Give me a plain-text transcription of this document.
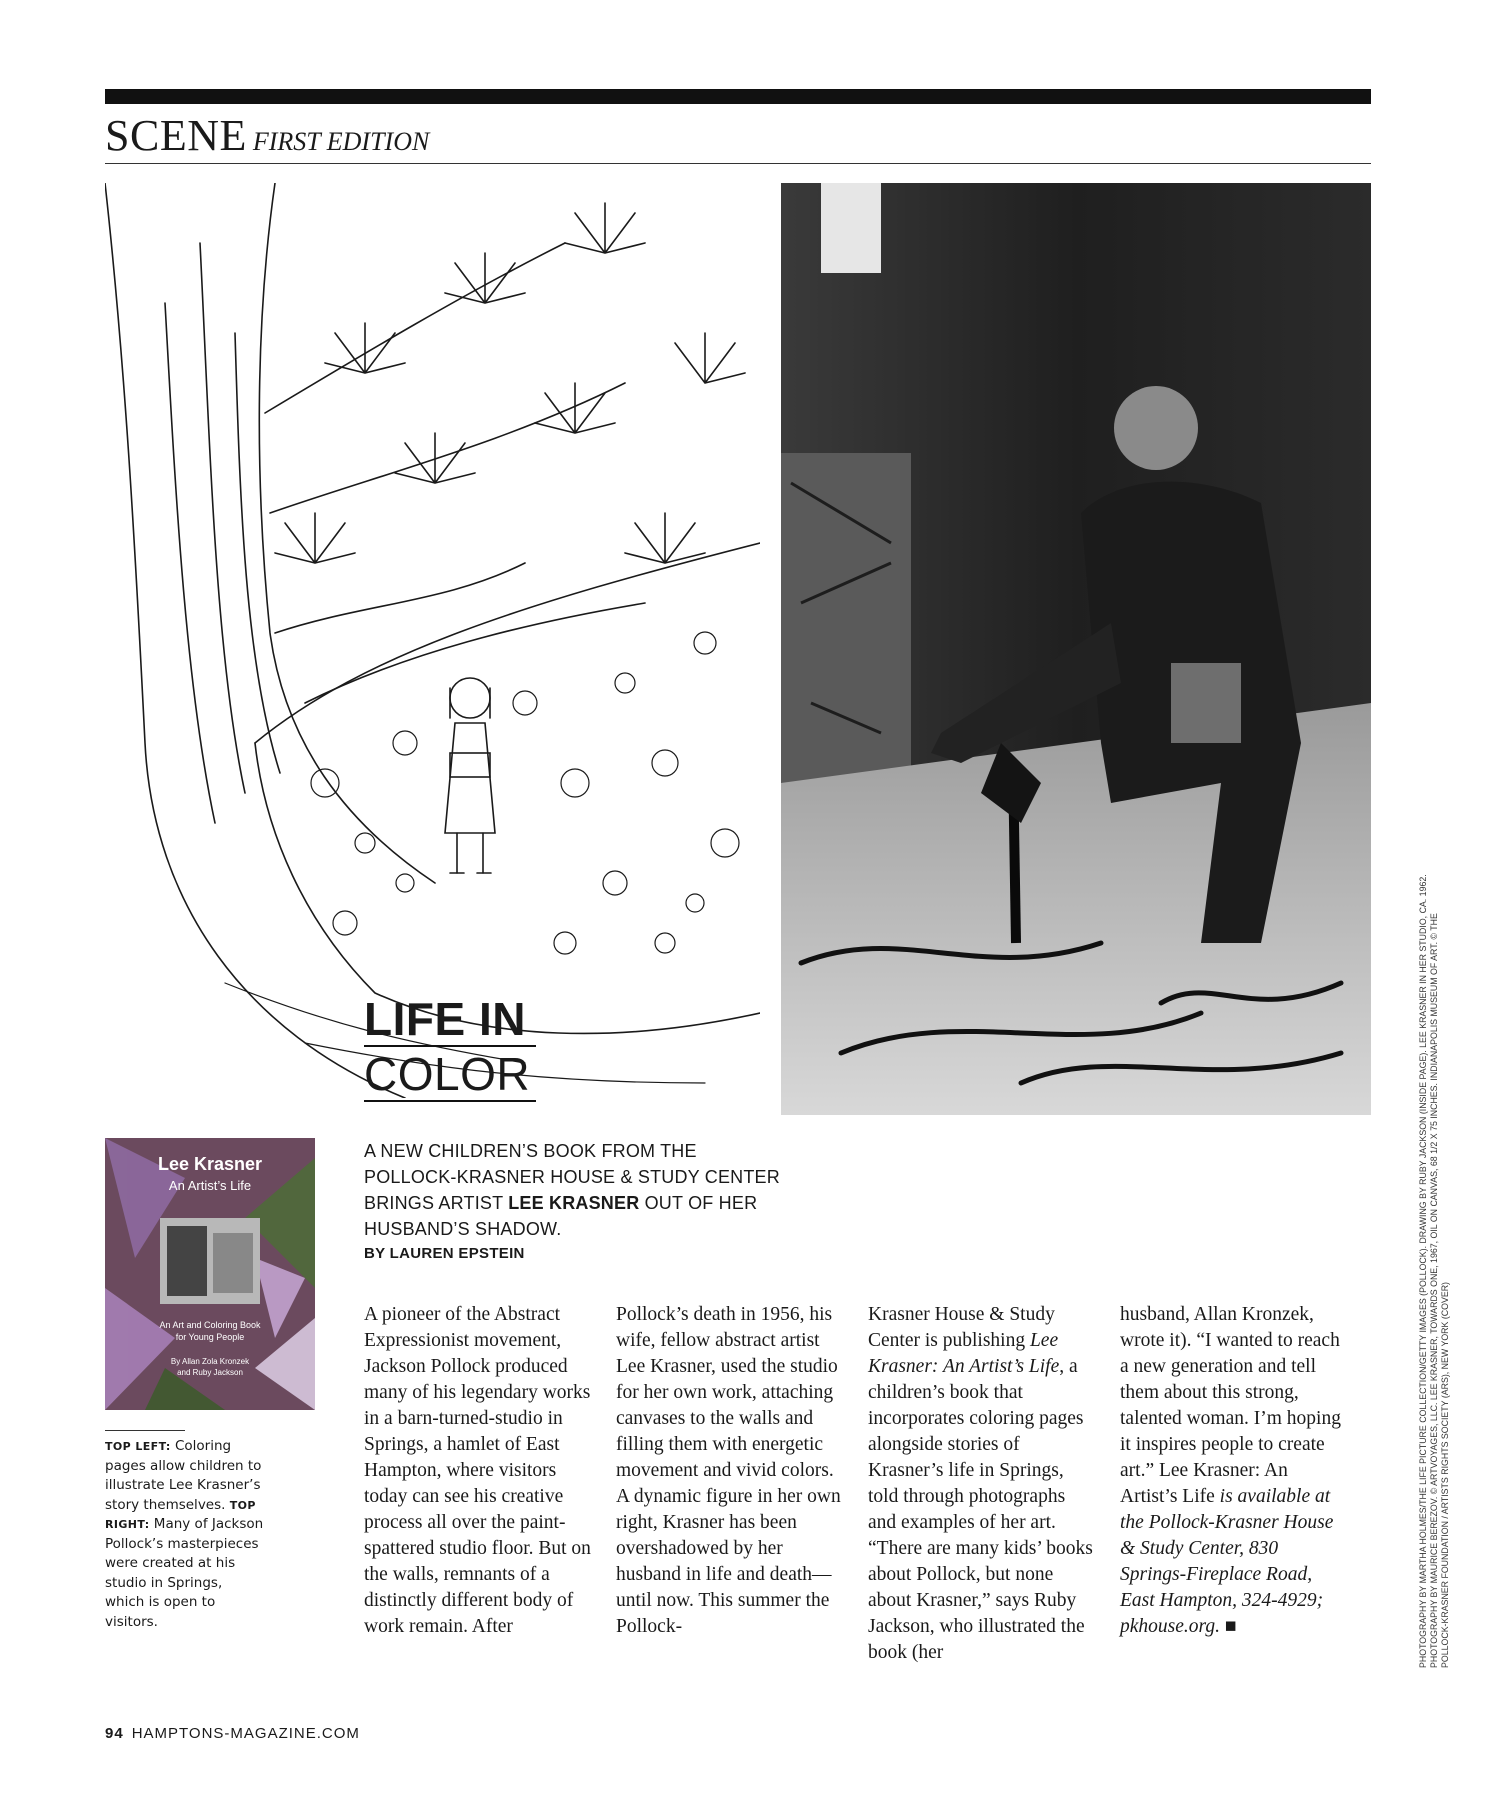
SCENE FIRST EDITION
LIFE IN
COLOR
Lee Krasner
An Artist’s Life
An Art and Coloring Book
for Young People
By Allan Zola Kronzek
and Ruby Jackson
A NEW CHILDREN’S BOOK FROM THE POLLOCK-KRASNER HOUSE & STUDY CENTER BRINGS ARTIST LEE KRASNER OUT OF HER HUSBAND’S SHADOW.
BY LAUREN EPSTEIN
TOP LEFT: Coloring pages allow children to illustrate Lee Krasner’s story themselves. TOP RIGHT: Many of Jackson Pollock’s masterpieces were created at his studio in Springs, which is open to visitors.
A pioneer of the Abstract Expressionist movement, Jackson Pollock produced many of his legendary works in a barn-turned-studio in Springs, a hamlet of East Hampton, where visitors today can see his creative process all over the paintspattered studio floor. But on the walls, remnants of a distinctly different body of work remain. After
Pollock’s death in 1956, his wife, fellow abstract artist Lee Krasner, used the studio for her own work, attaching canvases to the walls and filling them with energetic movement and vivid colors. A dynamic figure in her own right, Krasner has been overshadowed by her husband in life and death—until now. This summer the Pollock-
Krasner House & Study Center is publishing Lee Krasner: An Artist’s Life, a children’s book that incorporates coloring pages alongside stories of Krasner’s life in Springs, told through photographs and examples of her art. “There are many kids’ books about Pollock, but none about Krasner,” says Ruby Jackson, who illustrated the book (her
husband, Allan Kronzek, wrote it). “I wanted to reach a new generation and tell them about this strong, talented woman. I’m hoping it inspires people to create art.” Lee Krasner: An Artist’s Life is available at the Pollock-Krasner House & Study Center, 830 Springs-Fireplace Road, East Hampton, 324-4929; pkhouse.org. ■	PHOTOGRAPHY BY MARTHA HOLMES/THE LIFE PICTURE COLLECTION/GETTY IMAGES (POLLOCK). DRAWING BY RUBY JACKSON (INSIDE PAGE). LEE KRASNER IN HER STUDIO, CA. 1962. PHOTOGRAPHY BY MAURICE BEREZOV. © ARTVOYAGES, LLC. LEE KRASNER, TOWARDS ONE, 1967, OIL ON CANVAS, 68 1/2 X 75 INCHES. INDIANAPOLIS MUSEUM OF ART. © THE POLLOCK-KRASNER FOUNDATION / ARTISTS RIGHTS SOCIETY (ARS), NEW YORK (COVER)
94 HAMPTONS-MAGAZINE.COM
